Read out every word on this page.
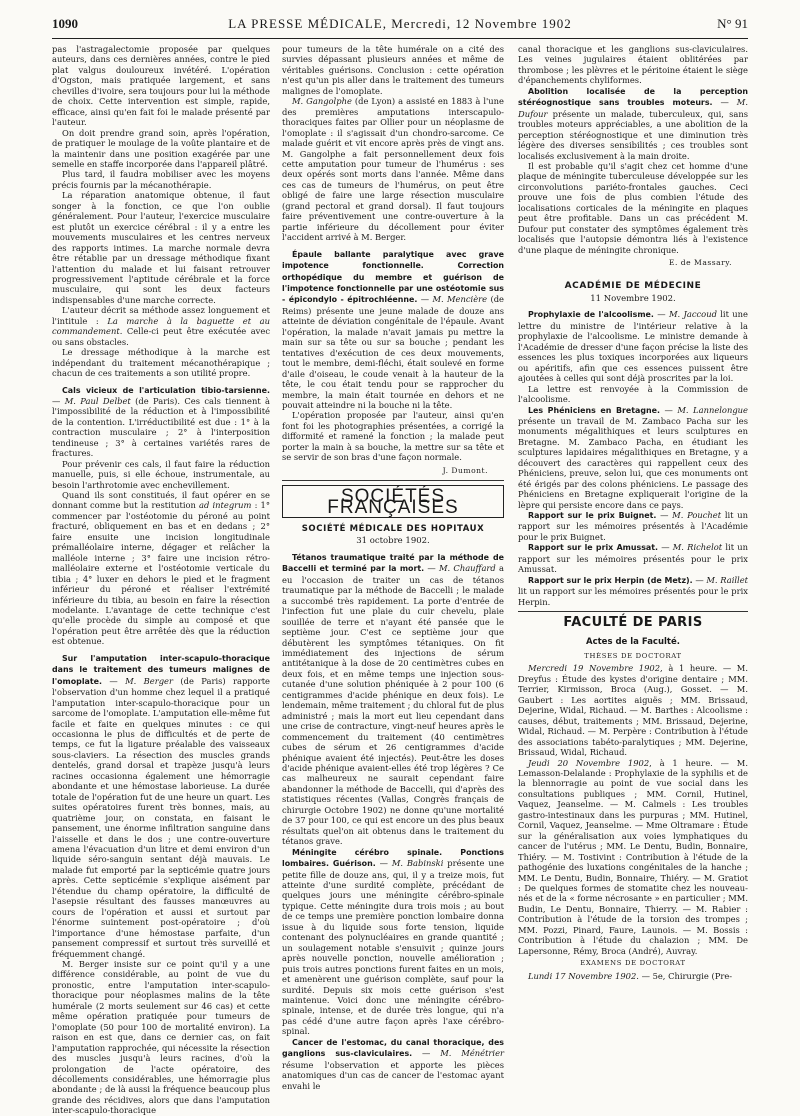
1090	LA PRESSE MÉDICALE, Mercredi, 12 Novembre 1902	N° 91

pas l'astragalectomie proposée par quelques auteurs, dans ces dernières années, contre le pied plat valgus douloureux invétéré. L'opération d'Ogston, mais pratiquée largement, et sans chevilles d'ivoire, sera toujours pour lui la méthode de choix. Cette intervention est simple, rapide, efficace, ainsi qu'en fait foi le malade présenté par l'auteur.

On doit prendre grand soin, après l'opération, de pratiquer le moulage de la voûte plantaire et de la maintenir dans une position exagérée par une semelle en staffe incorporée dans l'appareil plâtré.

Plus tard, il faudra mobiliser avec les moyens précis fournis par la mécanothérapie.

La réparation anatomique obtenue, il faut songer à la fonction, ce que l'on oublie généralement. Pour l'auteur, l'exercice musculaire est plutôt un exercice cérébral : il y a entre les mouvements musculaires et les centres nerveux des rapports intimes. La marche normale devra être rétablie par un dressage méthodique fixant l'attention du malade et lui faisant retrouver progressivement l'aptitude cérébrale et la force musculaire, qui sont les deux facteurs indispensables d'une marche correcte.

L'auteur décrit sa méthode assez longuement et l'intitule : La marche à la baguette et au commandement. Celle-ci peut être exécutée avec ou sans obstacles.

Le dressage méthodique à la marche est indépendant du traitement mécanothérapique ; chacun de ces traitements a son utilité propre.

Cals vicieux de l'articulation tibio-tarsienne. — M. Paul Delbet (de Paris). Ces cals tiennent à l'impossibilité de la réduction et à l'impossibilité de la contention. L'irréductibilité est due : 1° à la contraction musculaire ; 2° à l'interposition tendineuse ; 3° à certaines variétés rares de fractures.

Pour prévenir ces cals, il faut faire la réduction manuelle, puis, si elle échoue, instrumentale, au besoin l'arthrotomie avec enchevillement.

Quand ils sont constitués, il faut opérer en se donnant comme but la restitution ad integrum : 1° commencer par l'ostéotomie du péroné au point fracturé, obliquement en bas et en dedans ; 2° faire ensuite une incision longitudinale prémalléolaire interne, dégager et relâcher la malléole interne ; 3° faire une incision rétro-malléolaire externe et l'ostéotomie verticale du tibia ; 4° luxer en dehors le pied et le fragment inférieur du péroné et réaliser l'extrémité inférieure du tibia, au besoin en faire la résection modelante. L'avantage de cette technique c'est qu'elle procède du simple au composé et que l'opération peut être arrêtée dès que la réduction est obtenue.

Sur l'amputation inter-scapulo-thoracique dans le traitement des tumeurs malignes de l'omoplate. — M. Berger (de Paris) rapporte l'observation d'un homme chez lequel il a pratiqué l'amputation inter-scapulo-thoracique pour un sarcome de l'omoplate. L'amputation elle-même fut facile et faite en quelques minutes : ce qui occasionna le plus de difficultés et de perte de temps, ce fut la ligature préalable des vaisseaux sous-claviers. La résection des muscles grands dentelés, grand dorsal et trapèze jusqu'à leurs racines occasionna également une hémorragie abondante et une hémostase laborieuse. La durée totale de l'opération fut de une heure un quart. Les suites opératoires furent très bonnes, mais, au quatrième jour, on constata, en faisant le pansement, une énorme infiltration sanguine dans l'aisselle et dans le dos ; une contre-ouverture amena l'évacuation d'un litre et demi environ d'un liquide séro-sanguin sentant déjà mauvais. Le malade fut emporté par la septicémie quatre jours après. Cette septicémie s'explique aisément par l'étendue du champ opératoire, la difficulté de l'asepsie résultant des fausses manœuvres au cours de l'opération et aussi et surtout par l'énorme suintement post-opératoire ; d'où l'importance d'une hémostase parfaite, d'un pansement compressif et surtout très surveillé et fréquemment changé.

M. Berger insiste sur ce point qu'il y a une différence considérable, au point de vue du pronostic, entre l'amputation inter-scapulo-thoracique pour néoplasmes malins de la tête humérale (2 morts seulement sur 46 cas) et cette même opération pratiquée pour tumeurs de l'omoplate (50 pour 100 de mortalité environ). La raison en est que, dans ce dernier cas, on fait l'amputation rapprochée, qui nécessite la résection des muscles jusqu'à leurs racines, d'où la prolongation de l'acte opératoire, des décollements considérables, une hémorragie plus abondante ; de là aussi la fréquence beaucoup plus grande des récidives, alors que dans l'amputation inter-scapulo-thoracique

pour tumeurs de la tête humérale on a cité des survies dépassant plusieurs années et même de véritables guérisons. Conclusion : cette opération n'est qu'un pis aller dans le traitement des tumeurs malignes de l'omoplate.

M. Gangolphe (de Lyon) a assisté en 1883 à l'une des premières amputations interscapulo-thoraciques faites par Ollier pour un néoplasme de l'omoplate : il s'agissait d'un chondro-sarcome. Ce malade guérit et vit encore après près de vingt ans. M. Gangolphe a fait personnellement deux fois cette amputation pour tumeur de l'humérus : ses deux opérés sont morts dans l'année. Même dans ces cas de tumeurs de l'humérus, on peut être obligé de faire une large résection musculaire (grand pectoral et grand dorsal). Il faut toujours faire préventivement une contre-ouverture à la partie inférieure du décollement pour éviter l'accident arrivé à M. Berger.

Épaule ballante paralytique avec grave impotence fonctionnelle. Correction orthopédique du membre et guérison de l'impotence fonctionnelle par une ostéotomie sus - épicondylo - épitrochléenne. — M. Mencière (de Reims) présente une jeune malade de douze ans atteinte de déviation congénitale de l'épaule. Avant l'opération, la malade n'avait jamais pu mettre la main sur sa tête ou sur sa bouche ; pendant les tentatives d'exécution de ces deux mouvements, tout le membre, demi-fléchi, était soulevé en forme d'aile d'oiseau, le coude venait à la hauteur de la tête, le cou était tendu pour se rapprocher du membre, la main était tournée en dehors et ne pouvait atteindre ni la bouche ni la tête.

L'opération proposée par l'auteur, ainsi qu'en font foi les photographies présentées, a corrigé la difformité et ramené la fonction ; la malade peut porter la main à sa bouche, la mettre sur sa tête et se servir de son bras d'une façon normale.

J. Dumont.
SOCIÉTÉS FRANÇAISES
SOCIÉTÉ MÉDICALE DES HOPITAUX
31 octobre 1902.

Tétanos traumatique traité par la méthode de Baccelli et terminé par la mort. — M. Chauffard a eu l'occasion de traiter un cas de tétanos traumatique par la méthode de Baccelli ; le malade a succombé très rapidement. La porte d'entrée de l'infection fut une plaie du cuir chevelu, plaie souillée de terre et n'ayant été pansée que le septième jour. C'est ce septième jour que débutèrent les symptômes tétaniques. On fit immédiatement des injections de sérum antitétanique à la dose de 20 centimètres cubes en deux fois, et en même temps une injection sous-cutanée d'une solution phéniquée à 2 pour 100 (6 centigrammes d'acide phénique en deux fois). Le lendemain, même traitement ; du chloral fut de plus administré ; mais la mort eut lieu cependant dans une crise de contracture, vingt-neuf heures après le commencement du traitement (40 centimètres cubes de sérum et 26 centigrammes d'acide phénique avaient été injectés). Peut-être les doses d'acide phénique avaient-elles été trop légères ? Ce cas malheureux ne saurait cependant faire abandonner la méthode de Baccelli, qui d'après des statistiques récentes (Vallas, Congrès français de chirurgie Octobre 1902) ne donne qu'une mortalité de 37 pour 100, ce qui est encore un des plus beaux résultats quel'on ait obtenus dans le traitement du tétanos grave.

Méningite cérébro spinale. Ponctions lombaires. Guérison. — M. Babinski présente une petite fille de douze ans, qui, il y a treize mois, fut atteinte d'une surdité complète, précédant de quelques jours une méningite cérébro-spinale typique. Cette méningite dura trois mois ; au bout de ce temps une première ponction lombaire donna issue à du liquide sous forte tension, liquide contenant des polynucléaires en grande quantité ; un soulagement notable s'ensuivit ; quinze jours après nouvelle ponction, nouvelle amélioration ; puis trois autres ponctions furent faites en un mois, et amenèrent une guérison complète, sauf pour la surdité. Depuis six mois cette guérison s'est maintenue. Voici donc une méningite cérébro-spinale, intense, et de durée très longue, qui n'a pas cédé d'une autre façon après l'axe cérébro-spinal.

Cancer de l'estomac, du canal thoracique, des ganglions sus-claviculaires. — M. Ménétrier résume l'observation et apporte les pièces anatomiques d'un cas de cancer de l'estomac ayant envahi le

canal thoracique et les ganglions sus-claviculaires. Les veines jugulaires étaient oblitérées par thrombose ; les plèvres et le péritoine étaient le siège d'épanchements chyliformes.

Abolition localisée de la perception stéréognostique sans troubles moteurs. — M. Dufour présente un malade, tuberculeux, qui, sans troubles moteurs appréciables, a une abolition de la perception stéréognostique et une diminution très légère des diverses sensibilités ; ces troubles sont localisés exclusivement à la main droite.

Il est probable qu'il s'agit chez cet homme d'une plaque de méningite tuberculeuse développée sur les circonvolutions pariéto-frontales gauches. Ceci prouve une fois de plus combien l'étude des localisations corticales de la méningite en plaques peut être profitable. Dans un cas précédent M. Dufour put constater des symptômes également très localisés que l'autopsie démontra liés à l'existence d'une plaque de méningite chronique.

E. de Massary.
ACADÉMIE DE MÉDECINE
11 Novembre 1902.

Prophylaxie de l'alcoolisme. — M. Jaccoud lit une lettre du ministre de l'intérieur relative à la prophylaxie de l'alcoolisme. Le ministre demande à l'Académie de dresser d'une façon précise la liste des essences les plus toxiques incorporées aux liqueurs ou apéritifs, afin que ces essences puissent être ajoutées à celles qui sont déjà proscrites par la loi.

La lettre est renvoyée à la Commission de l'alcoolisme.

Les Phéniciens en Bretagne. — M. Lannelongue présente un travail de M. Zambaco Pacha sur les monuments mégalithiques et leurs sculptures en Bretagne. M. Zambaco Pacha, en étudiant les sculptures lapidaires mégalithiques en Bretagne, y a découvert des caractères qui rappellent ceux des Phéniciens, preuve, selon lui, que ces monuments ont été érigés par des colons phéniciens. Le passage des Phéniciens en Bretagne expliquerait l'origine de la lèpre qui persiste encore dans ce pays.

Rapport sur le prix Buignet. — M. Pouchet lit un rapport sur les mémoires présentés à l'Académie pour le prix Buignet.

Rapport sur le prix Amussat. — M. Richelot lit un rapport sur les mémoires présentés pour le prix Amussat.

Rapport sur le prix Herpin (de Metz). — M. Raillet lit un rapport sur les mémoires présentés pour le prix Herpin.

FACULTÉ DE PARIS
Actes de la Faculté.
THÈSES DE DOCTORAT

Mercredi 19 Novembre 1902, à 1 heure. — M. Dreyfus : Étude des kystes d'origine dentaire ; MM. Terrier, Kirmisson, Broca (Aug.), Gosset. — M. Gaubert : Les aortites aiguës ; MM. Brissaud, Dejerine, Widal, Richaud. — M. Barthes : Alcoolisme : causes, début, traitements ; MM. Brissaud, Dejerine, Widal, Richaud. — M. Perpère : Contribution à l'étude des associations tabéto-paralytiques ; MM. Dejerine, Brissaud, Widal, Richaud.

Jeudi 20 Novembre 1902, à 1 heure. — M. Lemasson-Delalande : Prophylaxie de la syphilis et de la blennorragie au point de vue social dans les consultations publiques ; MM. Cornil, Hutinel, Vaquez, Jeanselme. — M. Calmels : Les troubles gastro-intestinaux dans les purpuras ; MM. Hutinel, Cornil, Vaquez, Jeanselme. — Mme Oltramare : Étude sur la généralisation aux voies lymphatiques du cancer de l'utérus ; MM. Le Dentu, Budin, Bonnaire, Thiéry. — M. Tostivint : Contribution à l'étude de la pathogénie des luxations congénitales de la hanche ; MM. Le Dentu, Budin, Bonnaire, Thiéry. — M. Gratiot : De quelques formes de stomatite chez les nouveau-nés et de la « forme nécrosante » en particulier ; MM. Budin, Le Dentu, Bonnaire, Thierry. — M. Rabier : Contribution à l'étude de la torsion des trompes ; MM. Pozzi, Pinard, Faure, Launois. — M. Bossis : Contribution à l'étude du chalazion ; MM. De Lapersonne, Rémy, Broca (André), Auvray.

EXAMENS DE DOCTORAT

Lundi 17 Novembre 1902. — 5e, Chirurgie (Pre-
